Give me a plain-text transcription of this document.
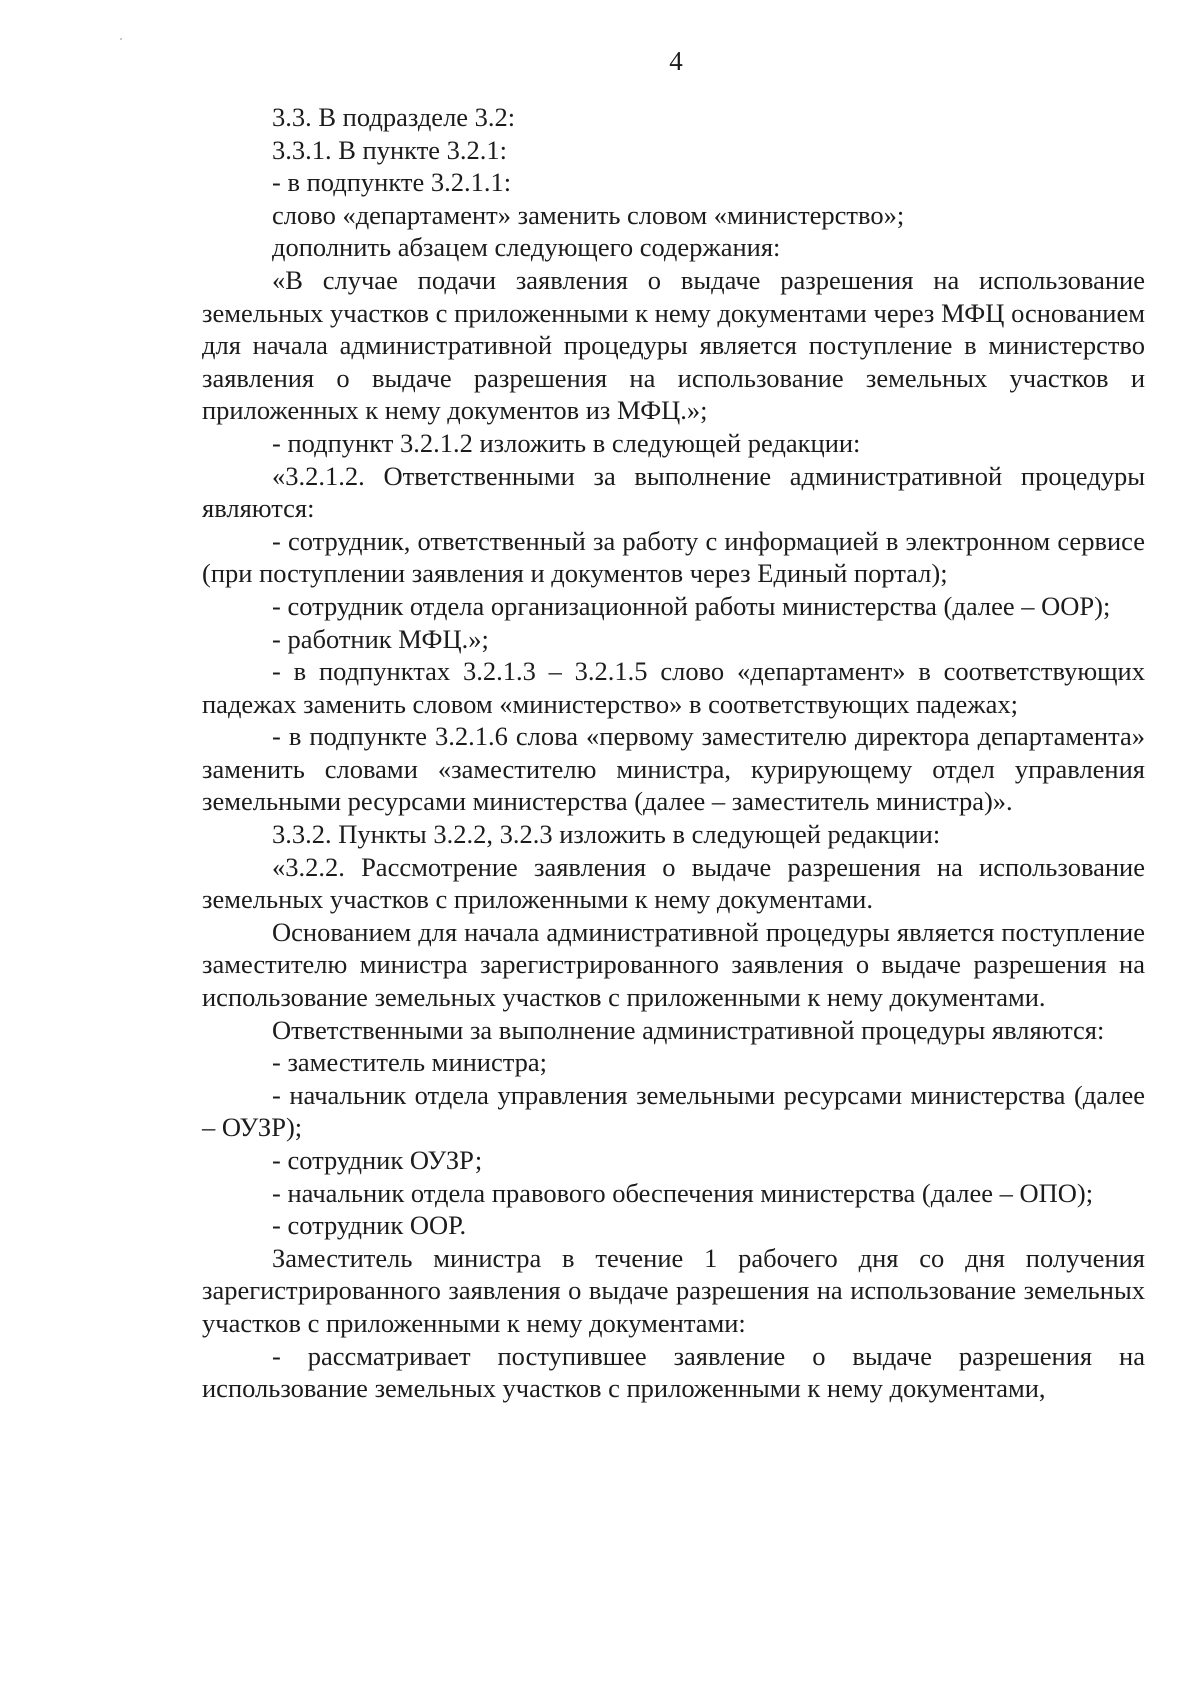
4

3.3. В подразделе 3.2:

3.3.1. В пункте 3.2.1:

- в подпункте 3.2.1.1:

слово «департамент» заменить словом «министерство»;

дополнить абзацем следующего содержания:

«В случае подачи заявления о выдаче разрешения на использование земельных участков с приложенными к нему документами через МФЦ основанием для начала административной процедуры является поступление в министерство заявления о выдаче разрешения на использование земельных участков и приложенных к нему документов из МФЦ.»;

- подпункт 3.2.1.2 изложить в следующей редакции:

«3.2.1.2. Ответственными за выполнение административной процедуры являются:

- сотрудник, ответственный за работу с информацией в электронном сервисе (при поступлении заявления и документов через Единый портал);

- сотрудник отдела организационной работы министерства (далее – ООР);

- работник МФЦ.»;

- в подпунктах 3.2.1.3 – 3.2.1.5 слово «департамент» в соответствующих падежах заменить словом «министерство» в соответствующих падежах;

- в подпункте 3.2.1.6 слова «первому заместителю директора департамента» заменить словами «заместителю министра, курирующему отдел управления земельными ресурсами министерства (далее – заместитель министра)».

3.3.2. Пункты 3.2.2, 3.2.3 изложить в следующей редакции:

«3.2.2. Рассмотрение заявления о выдаче разрешения на использование земельных участков с приложенными к нему документами.

Основанием для начала административной процедуры является поступление заместителю министра зарегистрированного заявления о выдаче разрешения на использование земельных участков с приложенными к нему документами.

Ответственными за выполнение административной процедуры являются:

- заместитель министра;

- начальник отдела управления земельными ресурсами министерства (далее – ОУЗР);

- сотрудник ОУЗР;

- начальник отдела правового обеспечения министерства (далее – ОПО);

- сотрудник ООР.

Заместитель министра в течение 1 рабочего дня со дня получения зарегистрированного заявления о выдаче разрешения на использование земельных участков с приложенными к нему документами:

- рассматривает поступившее заявление о выдаче разрешения на использование земельных участков с приложенными к нему документами,
